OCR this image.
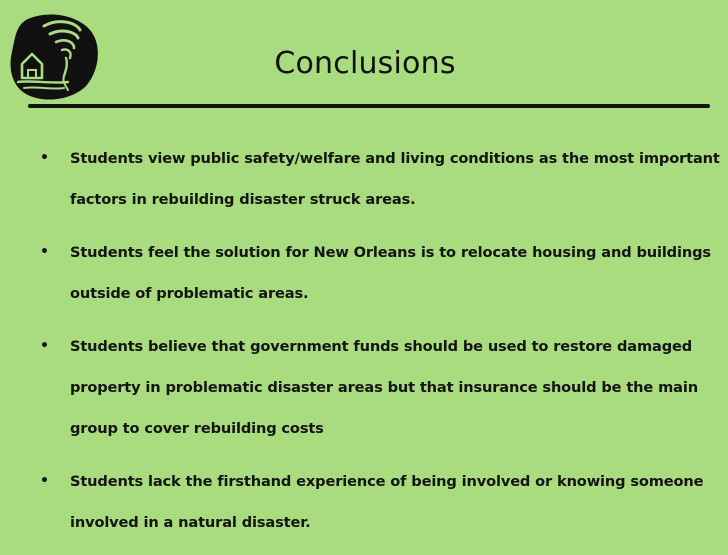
Conclusions
• Students view public safety/welfare and living conditions as the most important
factors in rebuilding disaster struck areas.
• Students feel the solution for New Orleans is to relocate housing and buildings
outside of problematic areas.
• Students believe that government funds should be used to restore damaged
property in problematic disaster areas but that insurance should be the main
group to cover rebuilding costs
• Students lack the firsthand experience of being involved or knowing someone
involved in a natural disaster.
